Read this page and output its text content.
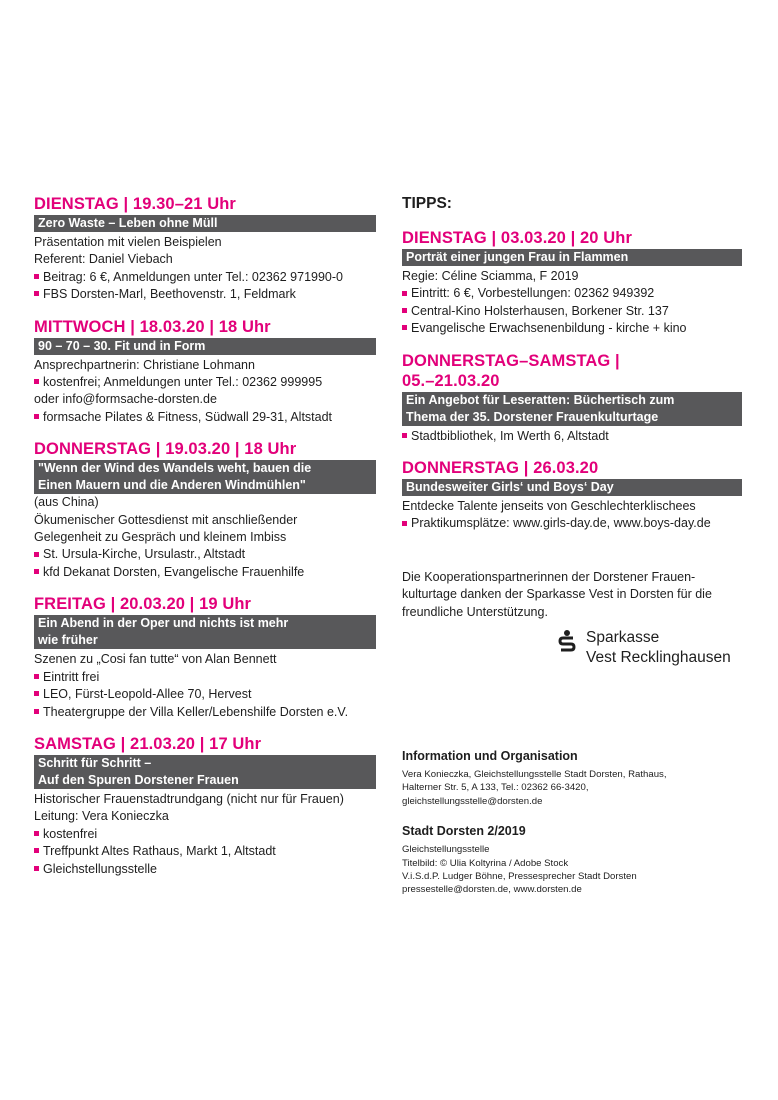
DIENSTAG | 19.30–21 Uhr
Zero Waste – Leben ohne Müll
Präsentation mit vielen Beispielen
Referent: Daniel Viebach
Beitrag: 6 €, Anmeldungen unter Tel.: 02362 971990-0
FBS Dorsten-Marl, Beethovenstr. 1, Feldmark
MITTWOCH | 18.03.20 | 18 Uhr
90 – 70 – 30. Fit und in Form
Ansprechpartnerin: Christiane Lohmann
kostenfrei; Anmeldungen unter Tel.: 02362 999995
oder info@formsache-dorsten.de
formsache Pilates & Fitness, Südwall 29-31, Altstadt
DONNERSTAG | 19.03.20 | 18 Uhr
"Wenn der Wind des Wandels weht, bauen die
Einen Mauern und die Anderen Windmühlen"
(aus China)
Ökumenischer Gottesdienst mit anschließender
Gelegenheit zu Gespräch und kleinem Imbiss
St. Ursula-Kirche, Ursulastr., Altstadt
kfd Dekanat Dorsten, Evangelische Frauenhilfe
FREITAG | 20.03.20 | 19 Uhr
Ein Abend in der Oper und nichts ist mehr
wie früher
Szenen zu „Cosi fan tutte“ von Alan Bennett
Eintritt frei
LEO, Fürst-Leopold-Allee 70, Hervest
Theatergruppe der Villa Keller/Lebenshilfe Dorsten e.V.
SAMSTAG | 21.03.20 | 17 Uhr
Schritt für Schritt –
Auf den Spuren Dorstener Frauen
Historischer Frauenstadtrundgang (nicht nur für Frauen)
Leitung: Vera Konieczka
kostenfrei
Treffpunkt Altes Rathaus, Markt 1, Altstadt
Gleichstellungsstelle
TIPPS:
DIENSTAG | 03.03.20 | 20 Uhr
Porträt einer jungen Frau in Flammen
Regie: Céline Sciamma, F 2019
Eintritt: 6 €, Vorbestellungen: 02362 949392
Central-Kino Holsterhausen, Borkener Str. 137
Evangelische Erwachsenenbildung - kirche + kino
DONNERSTAG–SAMSTAG |
05.–21.03.20
Ein Angebot für Leseratten: Büchertisch zum
Thema der 35. Dorstener Frauenkulturtage
Stadtbibliothek, Im Werth 6, Altstadt
DONNERSTAG | 26.03.20
Bundesweiter Girls‘ und Boys‘ Day
Entdecke Talente jenseits von Geschlechterklischees
Praktikumsplätze: www.girls-day.de, www.boys-day.de
Die Kooperationspartnerinnen der Dorstener Frauen-
kulturtage danken der Sparkasse Vest in Dorsten für die
freundliche Unterstützung.
Sparkasse
Vest Recklinghausen
Information und Organisation
Vera Konieczka, Gleichstellungsstelle Stadt Dorsten, Rathaus,
Halterner Str. 5, A 133, Tel.: 02362 66-3420,
gleichstellungsstelle@dorsten.de
Stadt Dorsten 2/2019
Gleichstellungsstelle
Titelbild: © Ulia Koltyrina / Adobe Stock
V.i.S.d.P. Ludger Böhne, Pressesprecher Stadt Dorsten
pressestelle@dorsten.de, www.dorsten.de
